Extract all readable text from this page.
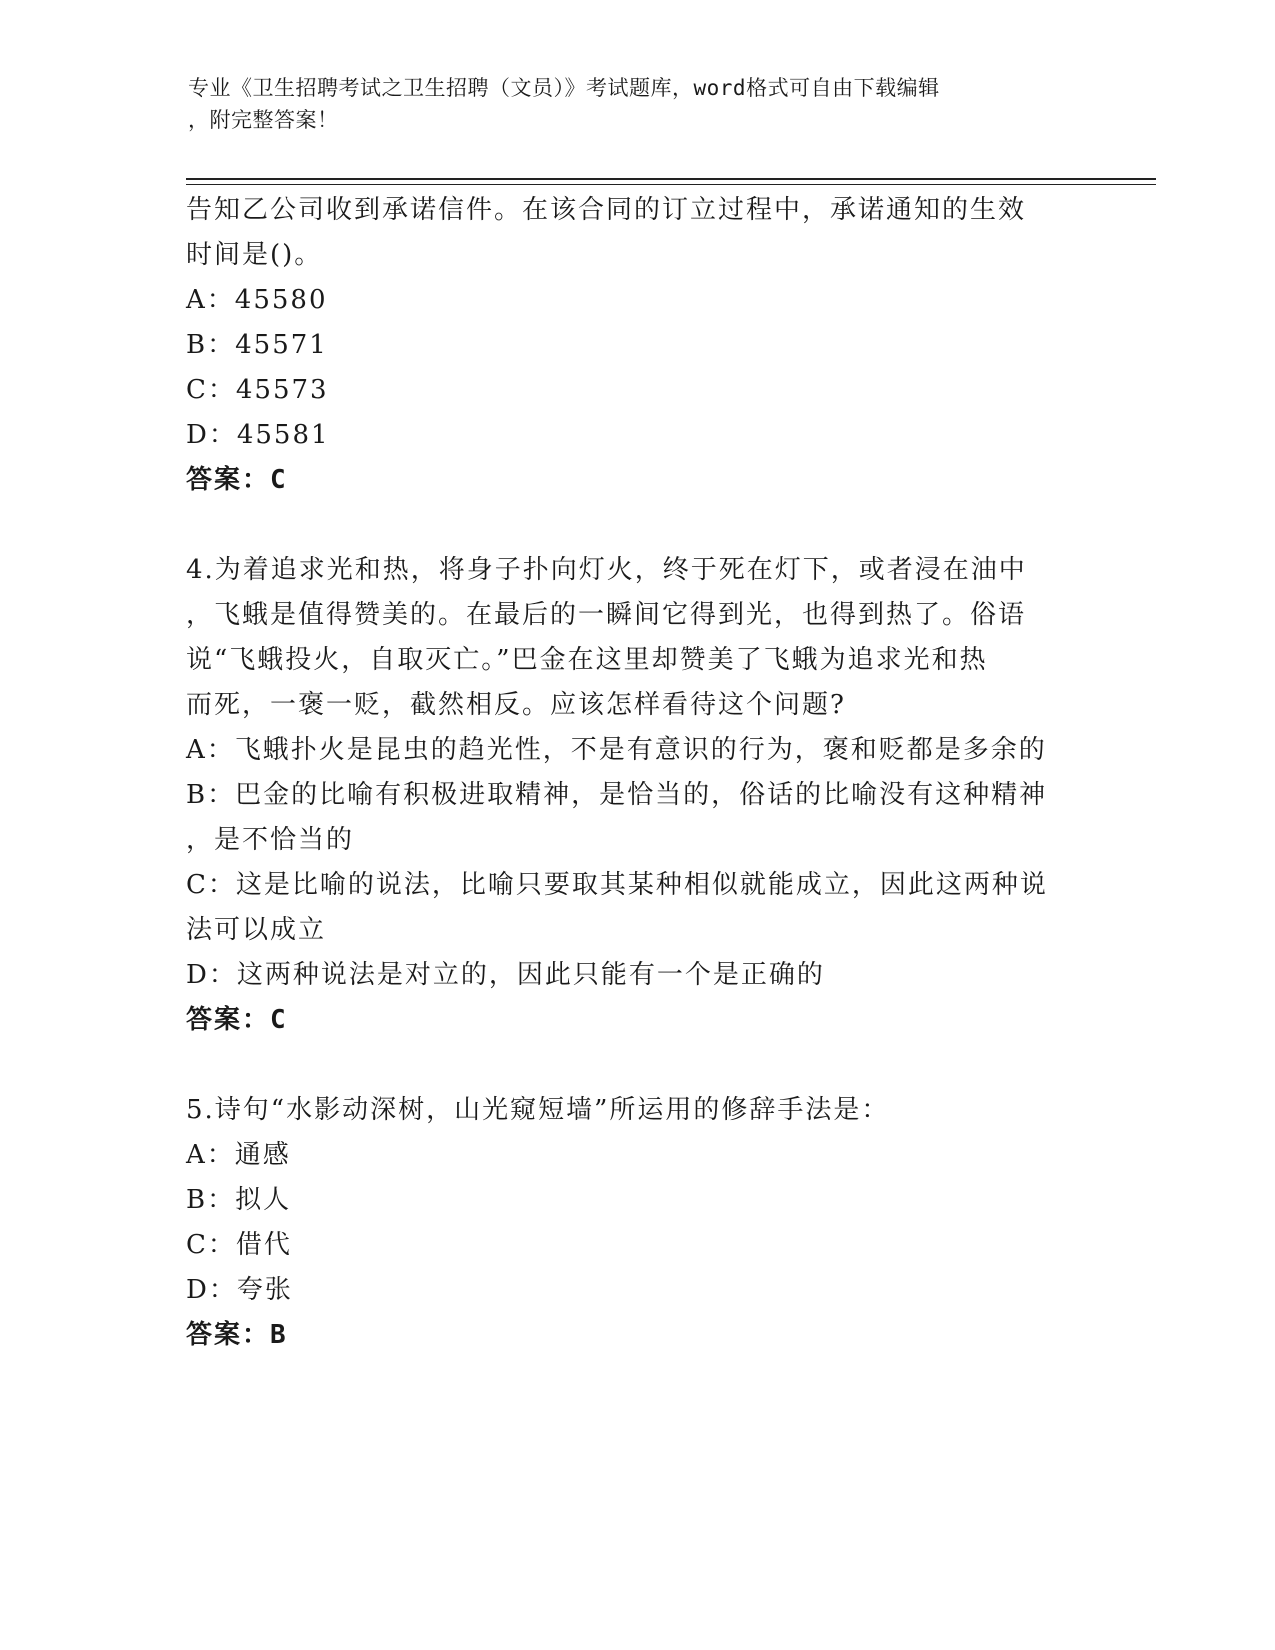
专业《卫生招聘考试之卫生招聘（文员）》考试题库，word格式可自由下载编辑
，附完整答案！
告知乙公司收到承诺信件。在该合同的订立过程中，承诺通知的生效
时间是()。
A：45580
B：45571
C：45573
D：45581
答案：C
4.为着追求光和热，将身子扑向灯火，终于死在灯下，或者浸在油中
，飞蛾是值得赞美的。在最后的一瞬间它得到光，也得到热了。俗语
说“飞蛾投火，自取灭亡。”巴金在这里却赞美了飞蛾为追求光和热
而死，一褒一贬，截然相反。应该怎样看待这个问题?
A：飞蛾扑火是昆虫的趋光性，不是有意识的行为，褒和贬都是多余的
B：巴金的比喻有积极进取精神，是恰当的，俗话的比喻没有这种精神
，是不恰当的
C：这是比喻的说法，比喻只要取其某种相似就能成立，因此这两种说
法可以成立
D：这两种说法是对立的，因此只能有一个是正确的
答案：C
5.诗句“水影动深树，山光窥短墙”所运用的修辞手法是：
A：通感
B：拟人
C：借代
D：夸张
答案：B
